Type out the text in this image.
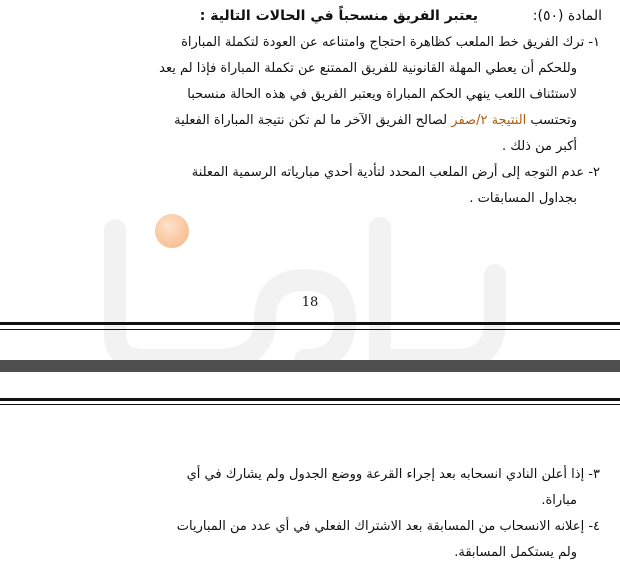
المادة (٥٠):
يعتبر الفريق منسحباً في الحالات التالية :
١- ترك الفريق خط الملعب كظاهرة احتجاج وامتناعه عن العودة لتكملة المباراة
وللحكم أن يعطي المهلة القانونية للفريق الممتنع عن تكملة المباراة فإذا لم يعد
لاستئناف اللعب ينهي الحكم المباراة ويعتبر الفريق في هذه الحالة منسحبا
وتحتسب النتيجة ٢/صفر لصالح الفريق الآخر ما لم تكن نتيجة المباراة الفعلية
أكبر من ذلك .
٢- عدم التوجه إلى أرض الملعب المحدد لتأدية أحدي مبارياته الرسمية المعلنة
بجداول المسابقات .
18
٣- إذا أعلن النادي انسحابه بعد إجراء القرعة ووضع الجدول ولم يشارك في أي
مباراة.
٤- إعلانه الانسحاب من المسابقة بعد الاشتراك الفعلي في أي عدد من المباريات
ولم يستكمل المسابقة.
